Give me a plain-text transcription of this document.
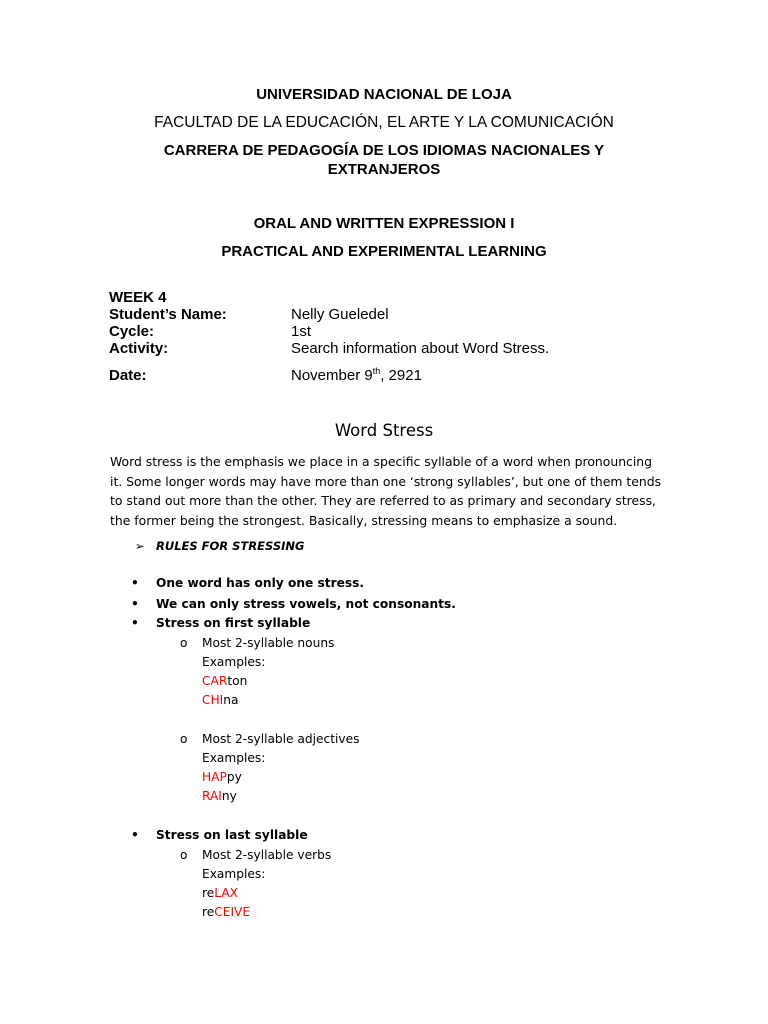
UNIVERSIDAD NACIONAL DE LOJA
FACULTAD DE LA EDUCACIÓN, EL ARTE Y LA COMUNICACIÓN
CARRERA DE PEDAGOGÍA DE LOS IDIOMAS NACIONALES Y
EXTRANJEROS
ORAL AND WRITTEN EXPRESSION I
PRACTICAL AND EXPERIMENTAL LEARNING
WEEK 4
Student’s Name:	Nelly Gueledel
Cycle:	1st
Activity:	Search information about Word Stress.
Date:	November 9th, 2921
Word Stress
Word stress is the emphasis we place in a specific syllable of a word when pronouncing
it. Some longer words may have more than one ‘strong syllables’, but one of them tends
to stand out more than the other. They are referred to as primary and secondary stress,
the former being the strongest. Basically, stressing means to emphasize a sound.
➢ RULES FOR STRESSING
• One word has only one stress.
• We can only stress vowels, not consonants.
• Stress on first syllable
o Most 2-syllable nouns
Examples:
CARton
CHIna
o Most 2-syllable adjectives
Examples:
HAPpy
RAIny
• Stress on last syllable
o Most 2-syllable verbs
Examples:
reLAX
reCEIVE
